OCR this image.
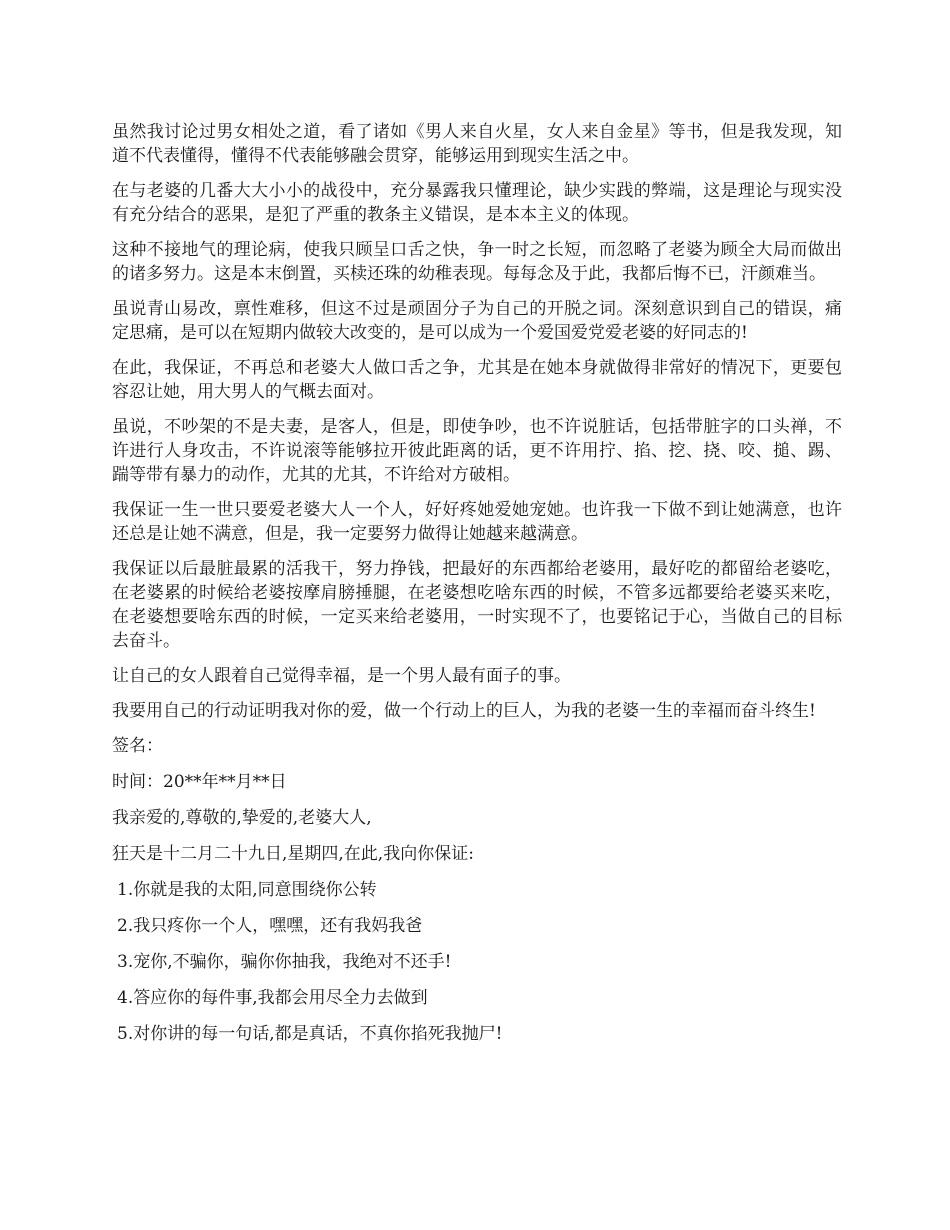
虽然我讨论过男女相处之道，看了诸如《男人来自火星，女人来自金星》等书，但是我发现，知道不代表懂得，懂得不代表能够融会贯穿，能够运用到现实生活之中。

在与老婆的几番大大小小的战役中，充分暴露我只懂理论，缺少实践的弊端，这是理论与现实没有充分结合的恶果，是犯了严重的教条主义错误，是本本主义的体现。

这种不接地气的理论病，使我只顾呈口舌之快，争一时之长短，而忽略了老婆为顾全大局而做出的诸多努力。这是本末倒置，买椟还珠的幼稚表现。每每念及于此，我都后悔不已，汗颜难当。

虽说青山易改，禀性难移，但这不过是顽固分子为自己的开脱之词。深刻意识到自己的错误，痛定思痛，是可以在短期内做较大改变的，是可以成为一个爱国爱党爱老婆的好同志的!

在此，我保证，不再总和老婆大人做口舌之争，尤其是在她本身就做得非常好的情况下，更要包容忍让她，用大男人的气概去面对。

虽说，不吵架的不是夫妻，是客人，但是，即使争吵，也不许说脏话，包括带脏字的口头禅，不许进行人身攻击，不许说滚等能够拉开彼此距离的话，更不许用拧、掐、挖、挠、咬、搥、踢、踹等带有暴力的动作，尤其的尤其，不许给对方破相。

我保证一生一世只要爱老婆大人一个人，好好疼她爱她宠她。也许我一下做不到让她满意，也许还总是让她不满意，但是，我一定要努力做得让她越来越满意。

我保证以后最脏最累的活我干，努力挣钱，把最好的东西都给老婆用，最好吃的都留给老婆吃，在老婆累的时候给老婆按摩肩膀捶腿，在老婆想吃啥东西的时候，不管多远都要给老婆买来吃，在老婆想要啥东西的时候，一定买来给老婆用，一时实现不了，也要铭记于心，当做自己的目标去奋斗。

让自己的女人跟着自己觉得幸福，是一个男人最有面子的事。

我要用自己的行动证明我对你的爱，做一个行动上的巨人，为我的老婆一生的幸福而奋斗终生!

签名：

时间：20**年**月**日

我亲爱的,尊敬的,挚爱的,老婆大人,

狂天是十二月二十九日,星期四,在此,我向你保证:

1.你就是我的太阳,同意围绕你公转

2.我只疼你一个人，嘿嘿，还有我妈我爸

3.宠你,不骗你，骗你你抽我，我绝对不还手!

4.答应你的每件事,我都会用尽全力去做到

5.对你讲的每一句话,都是真话，不真你掐死我抛尸!
